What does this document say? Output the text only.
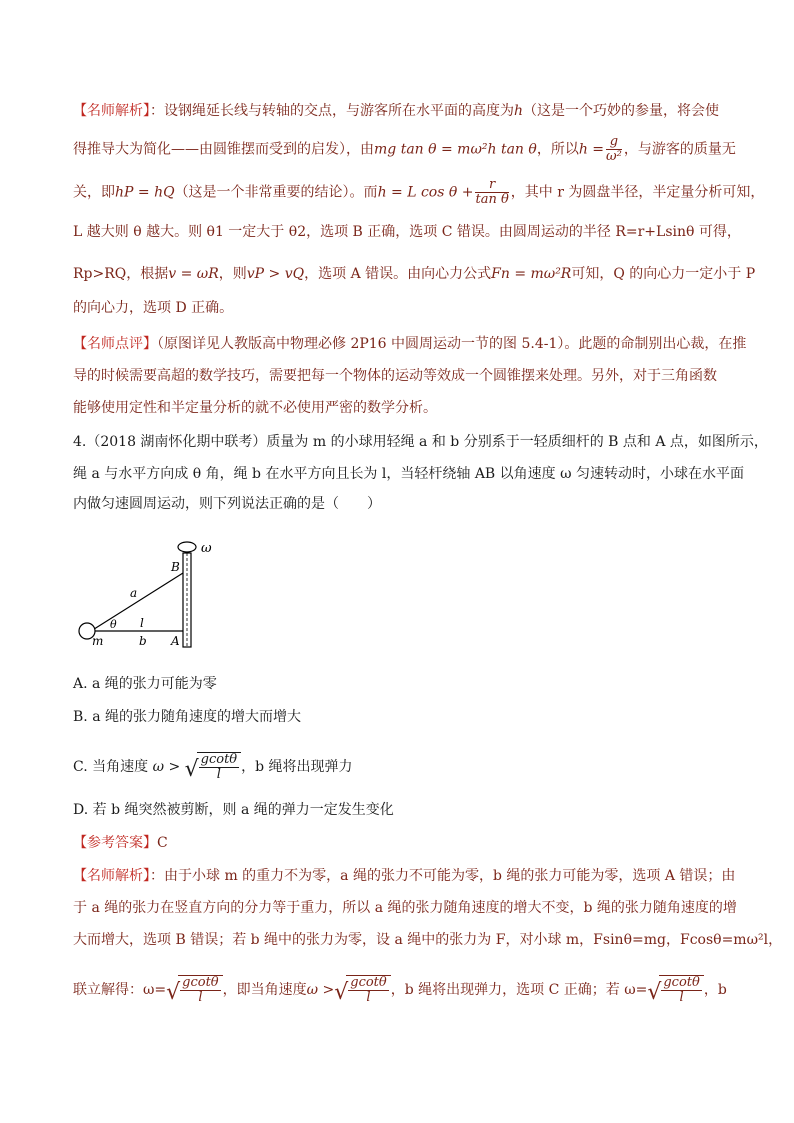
【名师解析】：设钢绳延长线与转轴的交点，与游客所在水平面的高度为h（这是一个巧妙的参量，将会使
得推导大为简化——由圆锥摆而受到的启发），由mg tan θ = mω²h tan θ，所以$h = \frac{g}{\text{ω²}}$ ，与游客的质量无
关，即hP = hQ（这是一个非常重要的结论）。而h = L $\cos \theta + \frac{r}{\text{tan θ}}$ ，其中 r 为圆盘半径，半定量分析可知，
L 越大则 θ 越大。则 θ1 一定大于 θ2，选项 B 正确，选项 C 错误。由圆周运动的半径 R=r+Lsinθ 可得，
Rp>RQ，根据v = ωR，则vP > vQ，选项 A 错误。由向心力公式Fn = mω²R可知，Q 的向心力一定小于 P
的向心力，选项 D 正确。
【名师点评】（原图详见人教版高中物理必修 2P16 中圆周运动一节的图 5.4-1）。此题的命制别出心裁，在推
导的时候需要高超的数学技巧，需要把每一个物体的运动等效成一个圆锥摆来处理。另外，对于三角函数
能够使用定性和半定量分析的就不必使用严密的数学分析。
4.（2018 湖南怀化期中联考）质量为 m 的小球用轻绳 a 和 b 分别系于一轻质细杆的 B 点和 A 点，如图所示，
绳 a 与水平方向成 θ 角，绳 b 在水平方向且长为 l，当轻杆绕轴 AB 以角速度 ω 匀速转动时，小球在水平面
内做匀速圆周运动，则下列说法正确的是（　　）
ω
B
A
a
θ l
b
m
A. a 绳的张力可能为零
B. a 绳的张力随角速度的增大而增大
C. 当角速度 ω > √ $\frac{gcot\theta}{l}$ ，b 绳将出现弹力
D. 若 b 绳突然被剪断，则 a 绳的弹力一定发生变化
【参考答案】C
【名师解析】：由于小球 m 的重力不为零，a 绳的张力不可能为零，b 绳的张力可能为零，选项 A 错误；由
于 a 绳的张力在竖直方向的分力等于重力，所以 a 绳的张力随角速度的增大不变，b 绳的张力随角速度的增
大而增大，选项 B 错误；若 b 绳中的张力为零，设 a 绳中的张力为 F，对小球 m，Fsinθ=mg，Fcosθ=mω²l，
联立解得：ω= √ $\frac{gcot\theta}{l}$ ，即当角速度ω > √ $\frac{gcot\theta}{l}$ ，b 绳将出现弹力，选项 C 正确；若 ω= √ $\frac{gcot\theta}{l}$ ，b
